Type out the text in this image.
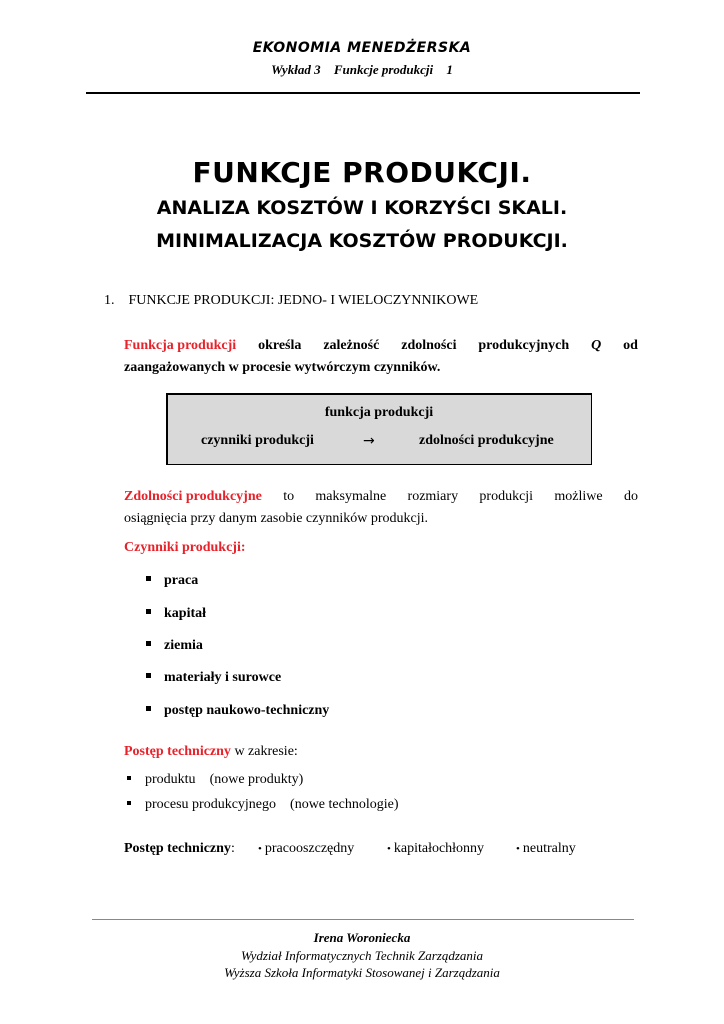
EKONOMIA MENEDŻERSKA
Wykład 3 Funkcje produkcji 1
FUNKCJE PRODUKCJI.
ANALIZA KOSZTÓW I KORZYŚCI SKALI.
MINIMALIZACJA KOSZTÓW PRODUKCJI.
1. FUNKCJE PRODUKCJI: JEDNO- I WIELOCZYNNIKOWE
Funkcja produkcji określa zależność zdolności produkcyjnych Q od
zaangażowanych w procesie wytwórczym czynników.
funkcja produkcji
czynniki produkcji	→	zdolności produkcyjne
Zdolności produkcyjne to maksymalne rozmiary produkcji możliwe do
osiągnięcia przy danym zasobie czynników produkcji.
Czynniki produkcji:
praca
kapitał
ziemia
materiały i surowce
postęp naukowo-techniczny
Postęp techniczny w zakresie:
produktu (nowe produkty)
procesu produkcyjnego (nowe technologie)
Postęp techniczny: • pracooszczędny	• kapitałochłonny	• neutralny
Irena Woroniecka
Wydział Informatycznych Technik Zarządzania
Wyższa Szkoła Informatyki Stosowanej i Zarządzania
